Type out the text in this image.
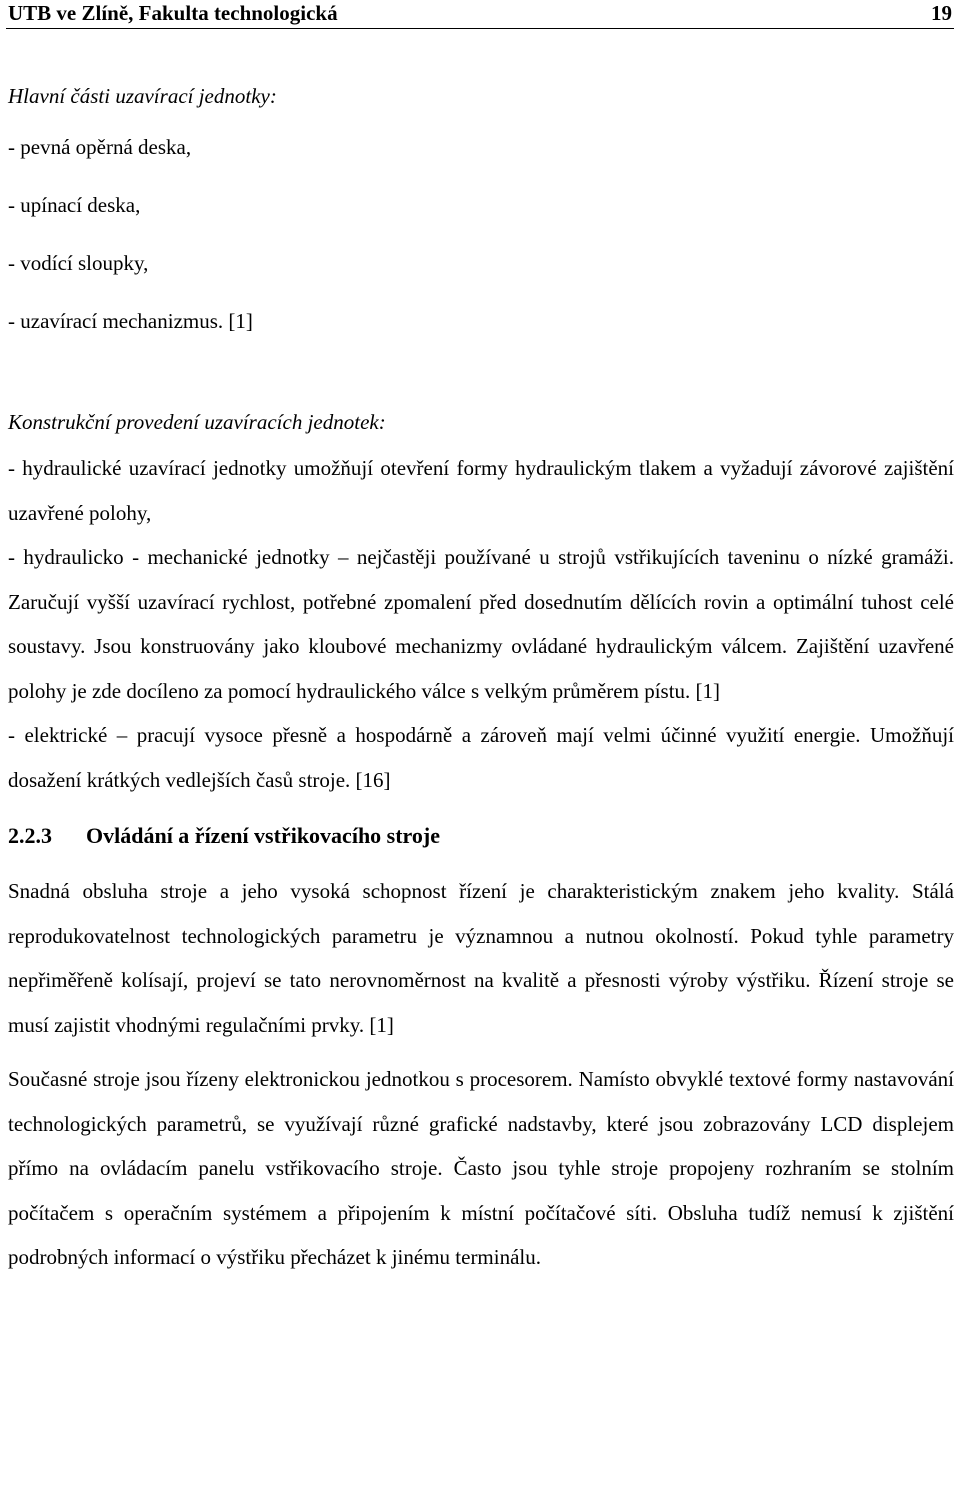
UTB ve Zlíně, Fakulta technologická	19

Hlavní části uzavírací jednotky:

- pevná opěrná deska,

- upínací deska,

- vodící sloupky,

- uzavírací mechanizmus. [1]

Konstrukční provedení uzavíracích jednotek:

- hydraulické uzavírací jednotky umožňují otevření formy hydraulickým tlakem a vyžadují závorové zajištění uzavřené polohy,

- hydraulicko - mechanické jednotky – nejčastěji používané u strojů vstřikujících taveninu o nízké gramáži. Zaručují vyšší uzavírací rychlost, potřebné zpomalení před dosednutím dělících rovin a optimální tuhost celé soustavy. Jsou konstruovány jako kloubové mechanizmy ovládané hydraulickým válcem. Zajištění uzavřené polohy je zde docíleno za pomocí hydraulického válce s velkým průměrem pístu. [1]

- elektrické – pracují vysoce přesně a hospodárně a zároveň mají velmi účinné využití energie. Umožňují dosažení krátkých vedlejších časů stroje. [16]

2.2.3 Ovládání a řízení vstřikovacího stroje

Snadná obsluha stroje a jeho vysoká schopnost řízení je charakteristickým znakem jeho kvality. Stálá reprodukovatelnost technologických parametru je významnou a nutnou okolností. Pokud tyhle parametry nepřiměřeně kolísají, projeví se tato nerovnoměrnost na kvalitě a přesnosti výroby výstřiku. Řízení stroje se musí zajistit vhodnými regulačními prvky. [1]

Současné stroje jsou řízeny elektronickou jednotkou s procesorem. Namísto obvyklé textové formy nastavování technologických parametrů, se využívají různé grafické nadstavby, které jsou zobrazovány LCD displejem přímo na ovládacím panelu vstřikovacího stroje. Často jsou tyhle stroje propojeny rozhraním se stolním počítačem s operačním systémem a připojením k místní počítačové síti. Obsluha tudíž nemusí k zjištění podrobných informací o výstřiku přecházet k jinému terminálu.
